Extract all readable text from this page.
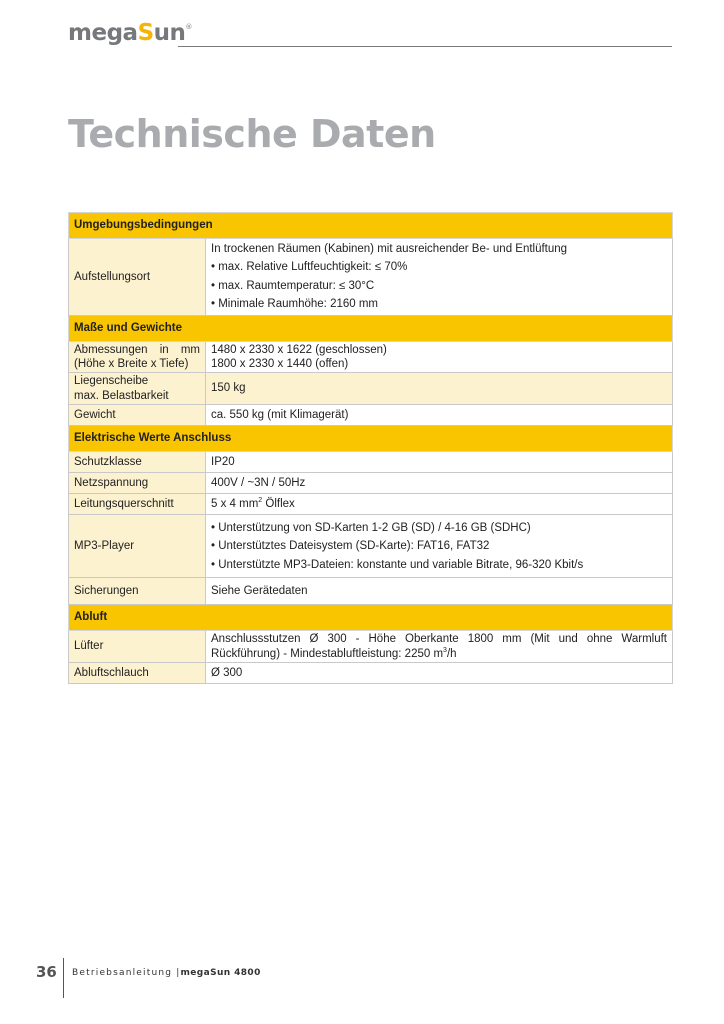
megaSun®
Technische Daten
Umgebungsbedingungen	
Aufstellungsort	In trockenen Räumen (Kabinen) mit ausreichender Be- und Entlüftung
• max. Relative Luftfeuchtigkeit: ≤ 70%
• max. Raumtemperatur: ≤ 30°C
• Minimale Raumhöhe: 2160 mm

Maße und Gewichte	

Abmessungen in mm
(Höhe x Breite x Tiefe)	1480 x 2330 x 1622 (geschlossen)
1800 x 2330 x 1440 (offen)

Liegenscheibe
max. Belastbarkeit	150 kg
Gewicht	ca. 550 kg (mit Klimagerät)
Elektrische Werte Anschluss	
Schutzklasse	IP20
Netzspannung	400V / ~3N / 50Hz
Leitungsquerschnitt	5 x 4 $mm^2$ Ölflex
MP3-Player	• Unterstützung von SD-Karten 1-2 GB (SD) / 4-16 GB (SDHC)
• Unterstütztes Dateisystem (SD-Karte): FAT16, FAT32
• Unterstützte MP3-Dateien: konstante und variable Bitrate, 96-320 Kbit/s

Sicherungen	Siehe Gerätedaten
Abluft	
Lüfter	Anschlussstutzen Ø 300 - Höhe Oberkante 1800 mm (Mit und ohne Warmluft Rückführung) - Mindestabluftleistung: 2250 $m^3/h$
Abluftschlauch	Ø 300
36 Betriebsanleitung |megaSun 4800
